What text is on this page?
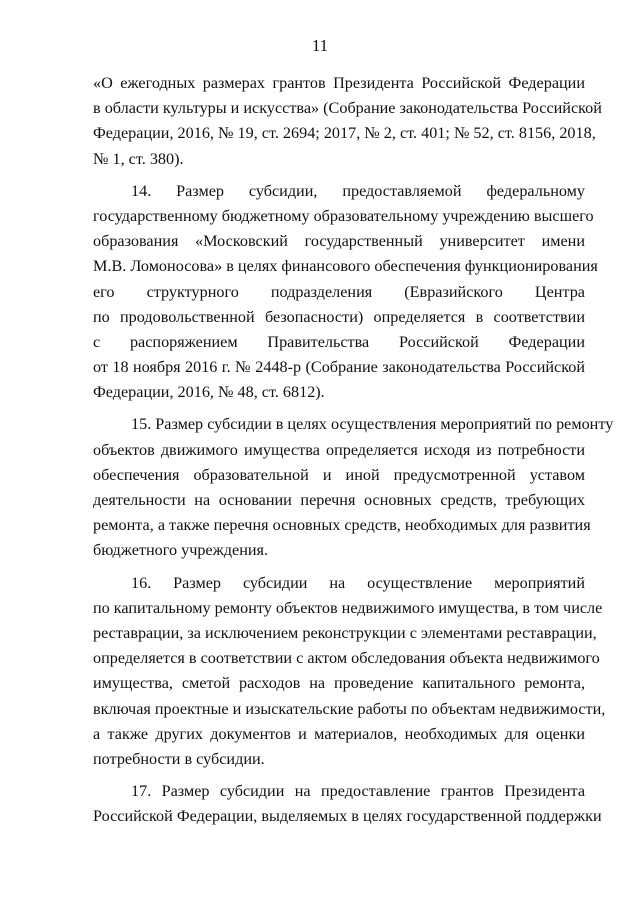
11
«О ежегодных размерах грантов Президента Российской Федерации
в области культуры и искусства» (Собрание законодательства Российской
Федерации, 2016, № 19, ст. 2694; 2017, № 2, ст. 401; № 52, ст. 8156, 2018,
№ 1, ст. 380).
14. Размер субсидии, предоставляемой федеральному
государственному бюджетному образовательному учреждению высшего
образования «Московский государственный университет имени
М.В. Ломоносова» в целях финансового обеспечения функционирования
его структурного подразделения (Евразийского Центра
по продовольственной безопасности) определяется в соответствии
с распоряжением Правительства Российской Федерации
от 18 ноября 2016 г. № 2448-р (Собрание законодательства Российской
Федерации, 2016, № 48, ст. 6812).
15. Размер субсидии в целях осуществления мероприятий по ремонту
объектов движимого имущества определяется исходя из потребности
обеспечения образовательной и иной предусмотренной уставом
деятельности на основании перечня основных средств, требующих
ремонта, а также перечня основных средств, необходимых для развития
бюджетного учреждения.
16. Размер субсидии на осуществление мероприятий
по капитальному ремонту объектов недвижимого имущества, в том числе
реставрации, за исключением реконструкции с элементами реставрации,
определяется в соответствии с актом обследования объекта недвижимого
имущества, сметой расходов на проведение капитального ремонта,
включая проектные и изыскательские работы по объектам недвижимости,
а также других документов и материалов, необходимых для оценки
потребности в субсидии.
17. Размер субсидии на предоставление грантов Президента
Российской Федерации, выделяемых в целях государственной поддержки
